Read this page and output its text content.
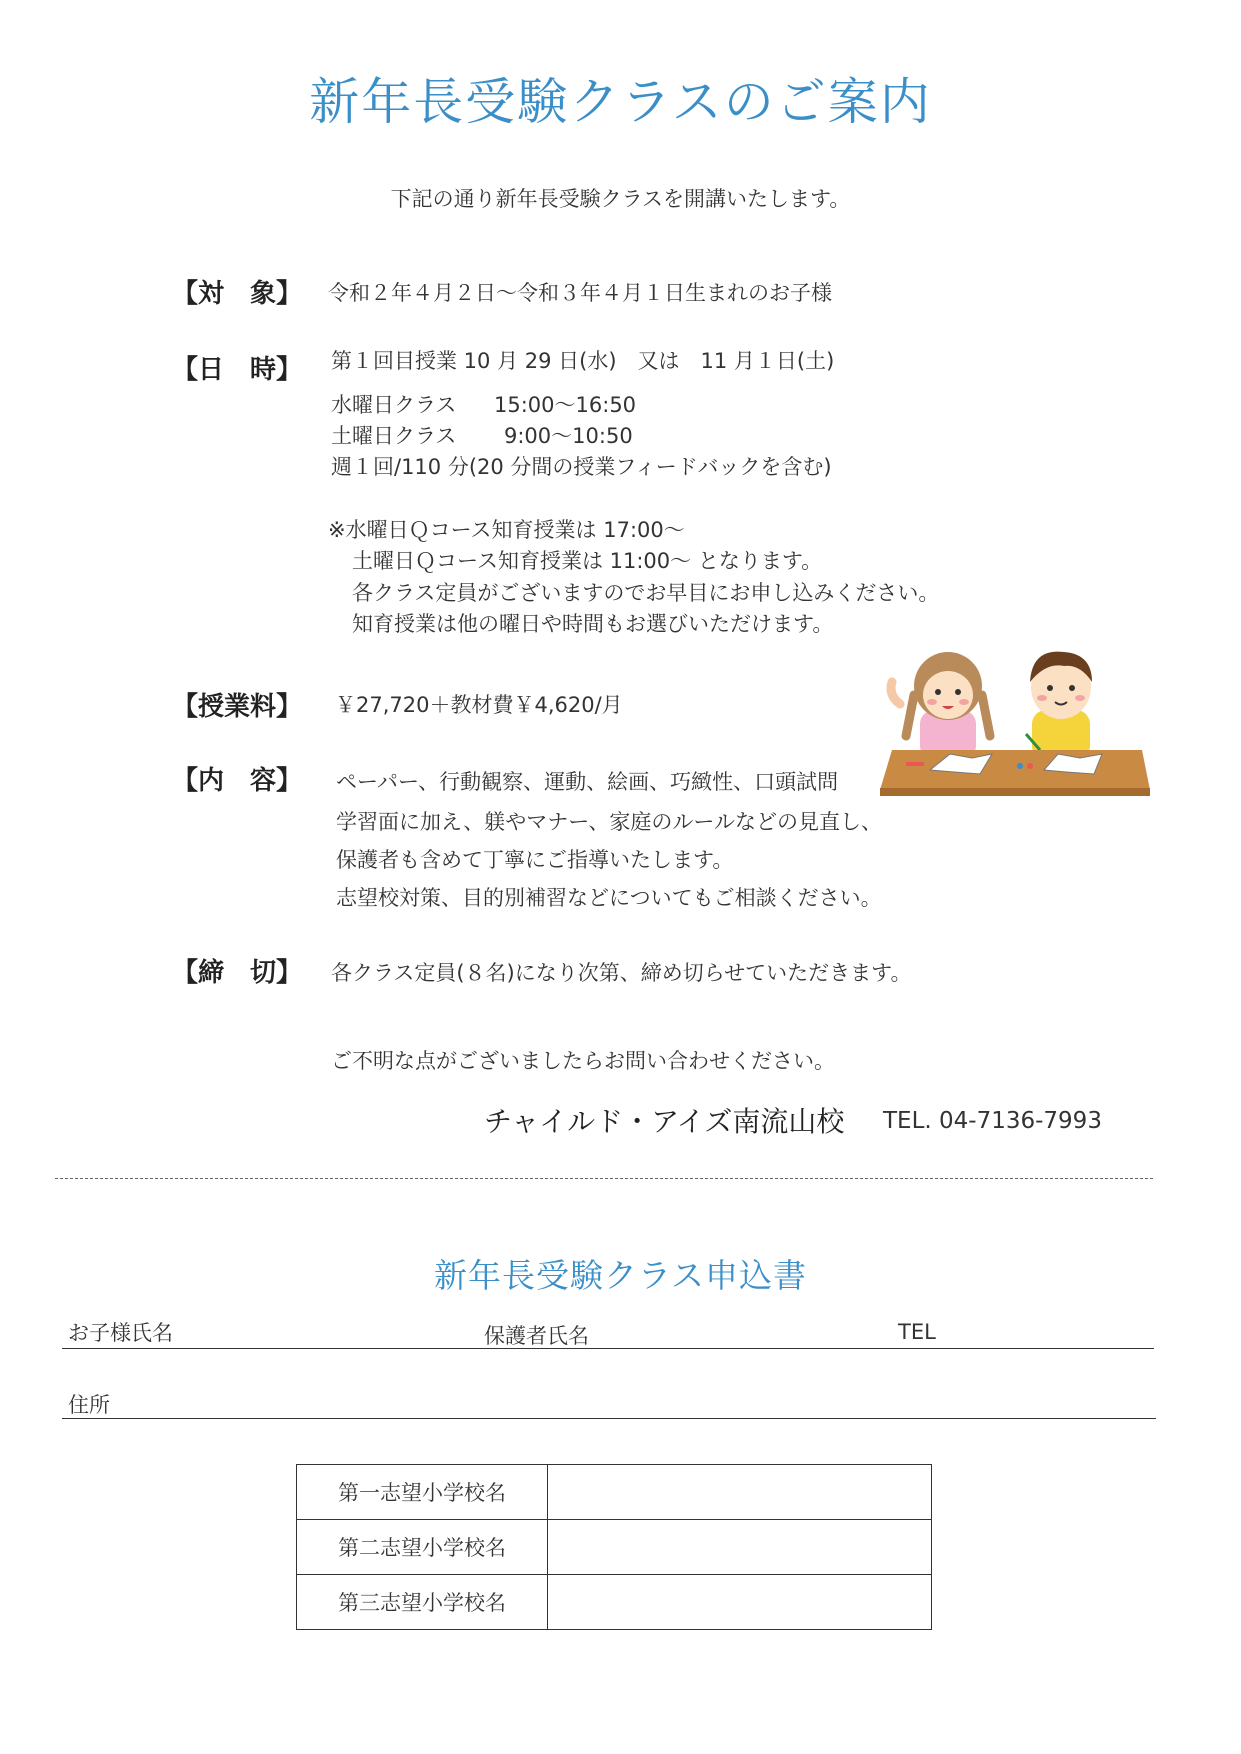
新年長受験クラスのご案内
下記の通り新年長受験クラスを開講いたします。
【対　象】 令和２年４月２日～令和３年４月１日生まれのお子様
【日　時】 第１回目授業 10 月 29 日(水)　又は　11 月１日(土)
水曜日クラス 15:00～16:50
土曜日クラス 9:00～10:50
週１回/110 分(20 分間の授業フィードバックを含む)
※水曜日Ｑコース知育授業は 17:00～
土曜日Ｑコース知育授業は 11:00～ となります。
各クラス定員がございますのでお早目にお申し込みください。
知育授業は他の曜日や時間もお選びいただけます。
【授業料】 ￥27,720＋教材費￥4,620/月
【内　容】 ペーパー、行動観察、運動、絵画、巧緻性、口頭試問
学習面に加え、躾やマナー、家庭のルールなどの見直し、
保護者も含めて丁寧にご指導いたします。
志望校対策、目的別補習などについてもご相談ください。
【締　切】 各クラス定員(８名)になり次第、締め切らせていただきます。
ご不明な点がございましたらお問い合わせください。
チャイルド・アイズ南流山校 TEL. 04-7136-7993
新年長受験クラス申込書
お子様氏名	保護者氏名	TEL
住所
第一志望小学校名	
第二志望小学校名	
第三志望小学校名	
